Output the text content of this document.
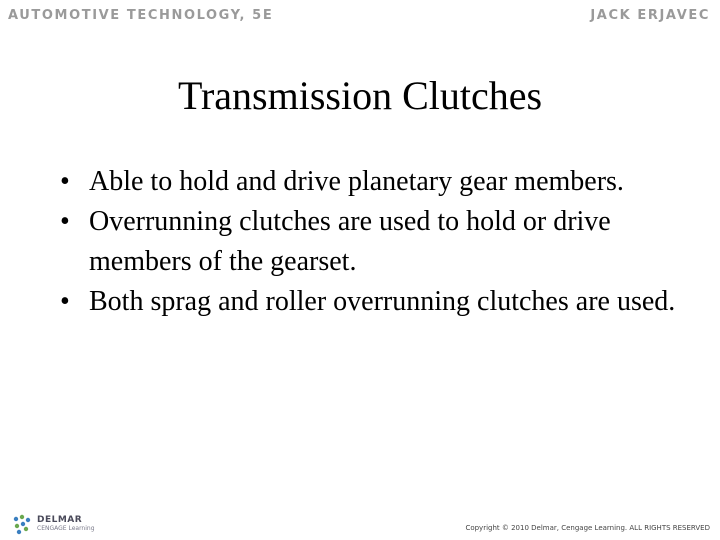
AUTOMOTIVE TECHNOLOGY, 5E	JACK ERJAVEC
Transmission Clutches
• Able to hold and drive planetary gear members.
• Overrunning clutches are used to hold or drive members of the gearset.
• Both sprag and roller overrunning clutches are used.
DELMAR
CENGAGE Learning	Copyright © 2010 Delmar, Cengage Learning. ALL RIGHTS RESERVED
